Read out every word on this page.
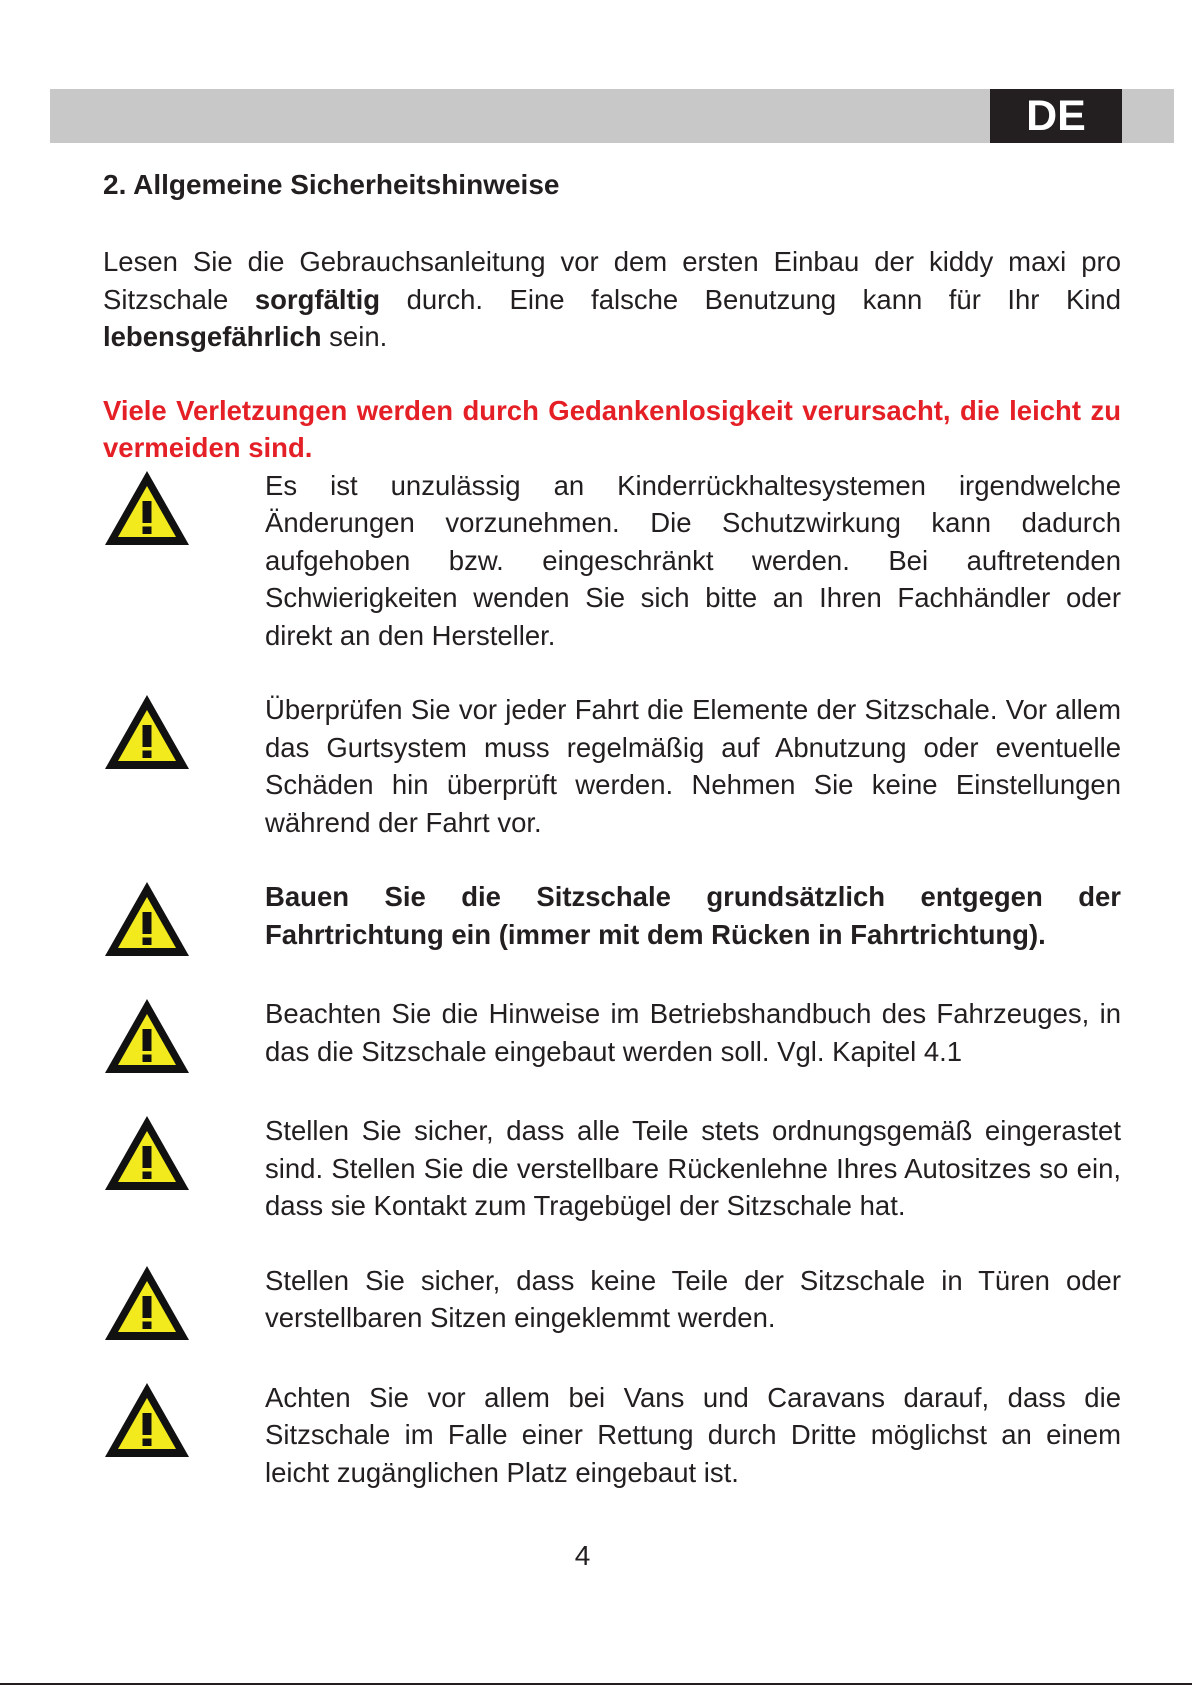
DE
2. Allgemeine Sicherheitshinweise

Lesen Sie die Gebrauchsanleitung vor dem ersten Einbau der kiddy maxi pro Sitzschale sorgfältig durch. Eine falsche Benutzung kann für Ihr Kind lebensgefährlich sein.

Viele Verletzungen werden durch Gedankenlosigkeit verursacht, die leicht zu vermeiden sind.

Es ist unzulässig an Kinderrückhaltesystemen irgendwelche Änderungen vorzunehmen. Die Schutzwirkung kann dadurch aufgehoben bzw. eingeschränkt werden. Bei auftretenden Schwierigkeiten wenden Sie sich bitte an Ihren Fachhändler oder direkt an den Hersteller.
Überprüfen Sie vor jeder Fahrt die Elemente der Sitzschale. Vor allem das Gurtsystem muss regelmäßig auf Abnutzung oder eventuelle Schäden hin überprüft werden. Nehmen Sie keine Einstellungen während der Fahrt vor.
Bauen Sie die Sitzschale grundsätzlich entgegen der Fahrtrichtung ein (immer mit dem Rücken in Fahrtrichtung).
Beachten Sie die Hinweise im Betriebshandbuch des Fahrzeuges, in das die Sitzschale eingebaut werden soll. Vgl. Kapitel 4.1
Stellen Sie sicher, dass alle Teile stets ordnungsgemäß eingerastet sind. Stellen Sie die verstellbare Rückenlehne Ihres Autositzes so ein, dass sie Kontakt zum Tragebügel der Sitzschale hat.
Stellen Sie sicher, dass keine Teile der Sitzschale in Türen oder verstellbaren Sitzen eingeklemmt werden.
Achten Sie vor allem bei Vans und Caravans darauf, dass die Sitzschale im Falle einer Rettung durch Dritte möglichst an einem leicht zugänglichen Platz eingebaut ist.
4
